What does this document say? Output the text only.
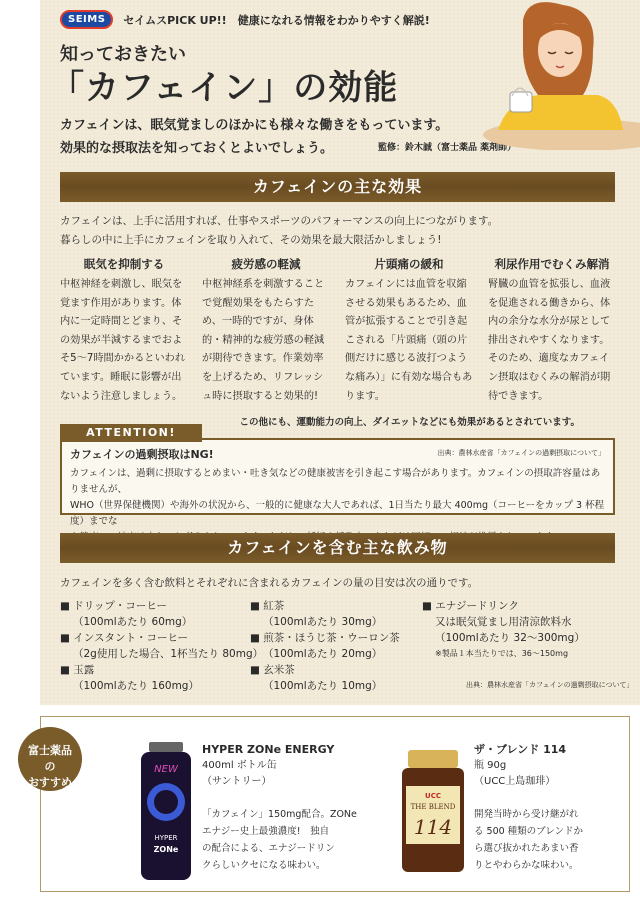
SEIMS	セイムスPICK UP!!　健康になれる情報をわかりやすく解説!
知っておきたい
「カフェイン」の効能
カフェインは、眠気覚ましのほかにも様々な働きをもっています。
効果的な摂取法を知っておくとよいでしょう。	監修：鈴木誠（富士薬品 薬剤師）
カフェインの主な効果
カフェインは、上手に活用すれば、仕事やスポーツのパフォーマンスの向上につながります。
暮らしの中に上手にカフェインを取り入れて、その効果を最大限活かしましょう!
眠気を抑制する

中枢神経を刺激し、眠気を覚ます作用があります。体内に一定時間とどまり、その効果が半減するまでおよそ5〜7時間かかるといわれています。睡眠に影響が出ないよう注意しましょう。

疲労感の軽減

中枢神経系を刺激することで覚醒効果をもたらすため、一時的ですが、身体的・精神的な疲労感の軽減が期待できます。作業効率を上げるため、リフレッシュ時に摂取すると効果的!

片頭痛の緩和

カフェインには血管を収縮させる効果もあるため、血管が拡張することで引き起こされる「片頭痛（頭の片側だけに感じる波打つような痛み）」に有効な場合もあります。

利尿作用でむくみ解消

腎臓の血管を拡張し、血液を促進される働きから、体内の余分な水分が尿として排出されやすくなります。そのため、適度なカフェイン摂取はむくみの解消が期待できます。

この他にも、運動能力の向上、ダイエットなどにも効果があるとされています。
カフェインの過剰摂取はNG!	出典：農林水産省「カフェインの過剰摂取について」
カフェインは、過剰に摂取するとめまい・吐き気などの健康被害を引き起こす場合があります。カフェインの摂取許容量はありませんが、
WHO（世界保健機関）や海外の状況から、一般的に健康な大人であれば、1日当たり最大 400mg（コーヒーをカップ 3 杯程度）までな
ATTENTION!
カフェインを含む主な飲み物
カフェインを多く含む飲料とそれぞれに含まれるカフェインの量の目安は次の通りです。
■ ドリップ・コーヒー
（100mlあたり 60mg）
■ インスタント・コーヒー
（2g使用した場合、1杯当たり 80mg）
■ 玉露
（100mlあたり 160mg）
■ 紅茶
（100mlあたり 30mg）
■ 煎茶・ほうじ茶・ウーロン茶
（100mlあたり 20mg）
■ 玄米茶
（100mlあたり 10mg）
■ エナジードリンク
又は眠気覚まし用清涼飲料水
（100mlあたり 32〜300mg）
※製品１本当たりでは、36〜150mg
出典：農林水産省「カフェインの過剰摂取について」
富士薬品
の
おすすめ
NEW
HYPER
ZONe
HYPER ZONe ENERGY
400ml ボトル缶
（サントリー）
「カフェイン」150mg配合。ZONe
エナジー史上最強濃度!　独自
の配合による、エナジードリン
クらしいクセになる味わい。
UCC
THE BLEND
114
ザ・ブレンド 114
瓶 90g
（UCC上島珈琲）
開発当時から受け継がれ
る 500 種類のブレンドか
ら選び抜かれたあまい香
りとやわらかな味わい。
